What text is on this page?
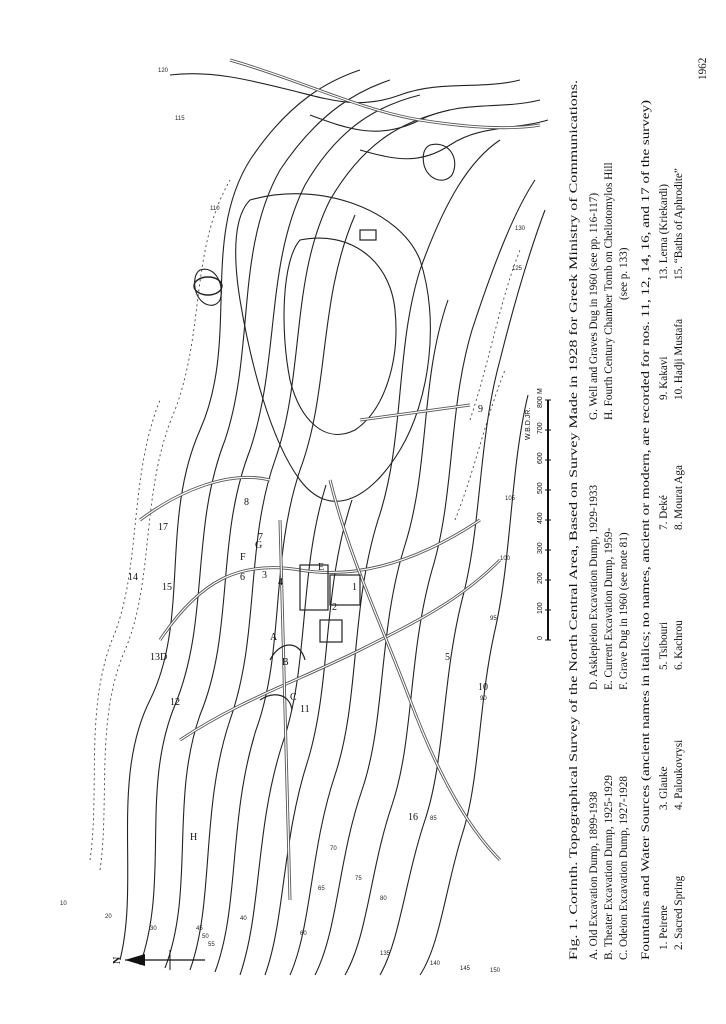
1
2
3
4
5
6
7
8
9
10
11
12
13
14
15
16
17
A
B
C
D
E
F
G
H
10
20
30
40
45
50
55
60
65
70
75
80
85
90
95
100
105
110
115
120
125
130
135
140
145	150
N
0
100
200
300
400
500
600
700
800
M
W.B.D.JR.
1962
Fig. 1. Corinth. Topographical Survey of the North Central Area, Based on Survey Made in 1928 for Greek Ministry of Communications. A. Old Excavation Dump, 1899-1938 B. Theater Excavation Dump, 1925-1929 C. Odeion Excavation Dump, 1927-1928
D. Asklepieion Excavation Dump, 1929-1933 E. Current Excavation Dump, 1959- F. Grave Dug in 1960 (see note 81)
G. Well and Graves Dug in 1960 (see pp. 116-117) H. Fourth Century Chamber Tomb on Cheliotomylos Hill (see p. 133)
Fountains and Water Sources (ancient names in italics; no names, ancient or modern, are recorded for nos. 11, 12, 14, 16, and 17 of the survey) 1. Peirene
3. Glauke
5. Tsibouri
7. Deké
9. Kakavi
13. Lerna (Kriekardi)
2. Sacred Spring
4. Paloukovrysi
6. Kachrou
8. Mourat Aga
10. Hadji Mustafa
15. “Baths of Aphrodite”
